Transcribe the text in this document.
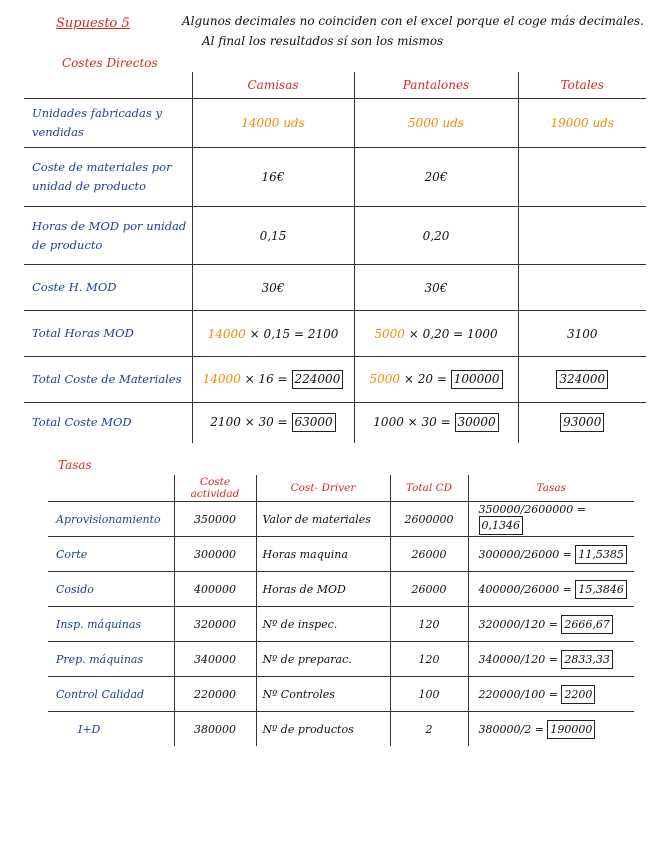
Supuesto 5	Algunos decimales no coinciden con el excel porque el coge más decimales.
Al final los resultados sí son los mismos
Costes Directos
	Camisas	Pantalones	Totales
Unidades fabricadas y vendidas	14000 uds	5000 uds	19000 uds
Coste de materiales por unidad de producto	16€	20€	
Horas de MOD por unidad de producto	0,15	0,20	
Coste H. MOD	30€	30€	
Total Horas MOD	14000 × 0,15 = 2100	5000 × 0,20 = 1000	3100
Total Coste de Materiales	14000 × 16 = 224000	5000 × 20 = 100000	324000
Total Coste MOD	2100 × 30 = 63000	1000 × 30 = 30000	93000
Tasas
	Coste actividad	Cost- Driver	Total CD	Tasas
Aprovisionamiento	350000	Valor de materiales	2600000	350000/2600000 = 0,1346
Corte	300000	Horas maquina	26000	300000/26000 = 11,5385
Cosido	400000	Horas de MOD	26000	400000/26000 = 15,3846
Insp. máquinas	320000	Nº de inspec.	120	320000/120 = 2666,67
Prep. máquinas	340000	Nº de preparac.	120	340000/120 = 2833,33
Control Calidad	220000	Nº Controles	100	220000/100 = 2200
I+D	380000	Nº de productos	2	380000/2 = 190000
